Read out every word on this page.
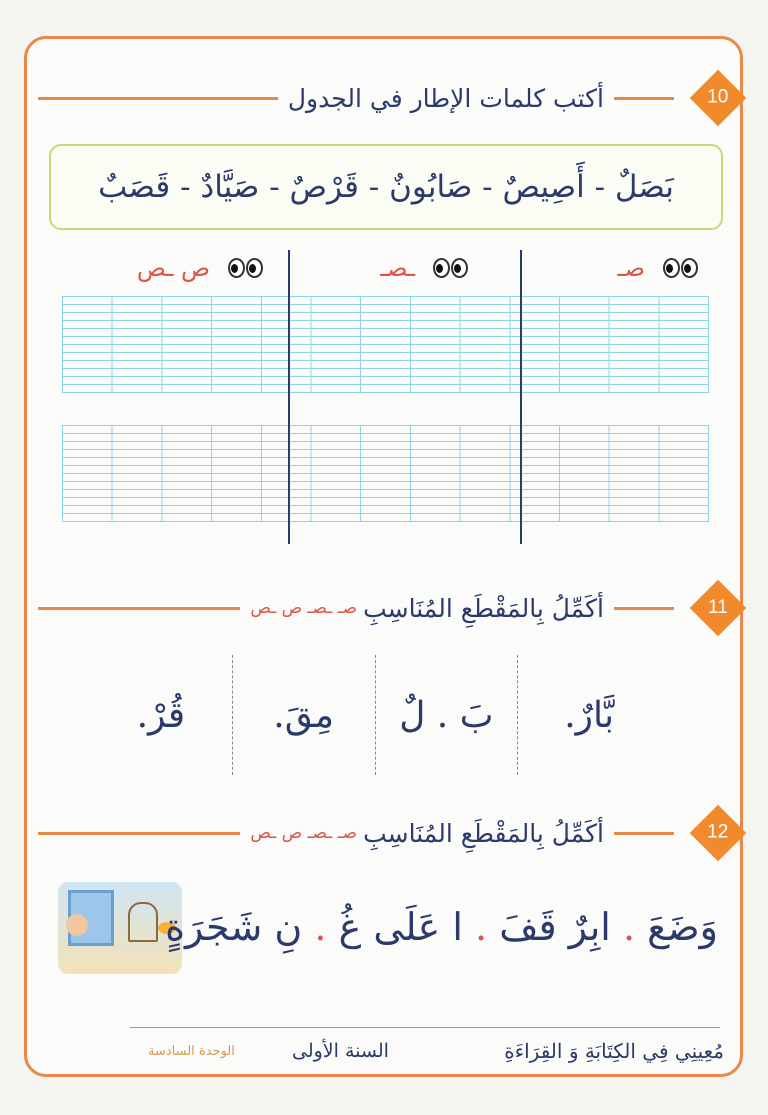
10
أكتب كلمات الإطار في الجدول
بَصَلٌ - أَصِيصٌ - صَابُونٌ - قَرْصٌ - صَيَّادٌ - قَصَبٌ
صـ
ـصـ
ص ـص
11
أكَمِّلُ بِالمَقْطَعِ المُنَاسِبِ
صـ ـصـ ص ـص
بَّارٌ.
بَ . لٌ
مِقَ.
قُرْ.
12
أكَمِّلُ بِالمَقْطَعِ المُنَاسِبِ
صـ ـصـ ص ـص
وَضَعَ . ابِرٌ قَفَ . ا عَلَى غُ . نِ شَجَرَةٍ
مُعِينِي فِي الكِتَابَةِ وَ القِرَاءَةِ
السنة الأولى
الوحدة السادسة
